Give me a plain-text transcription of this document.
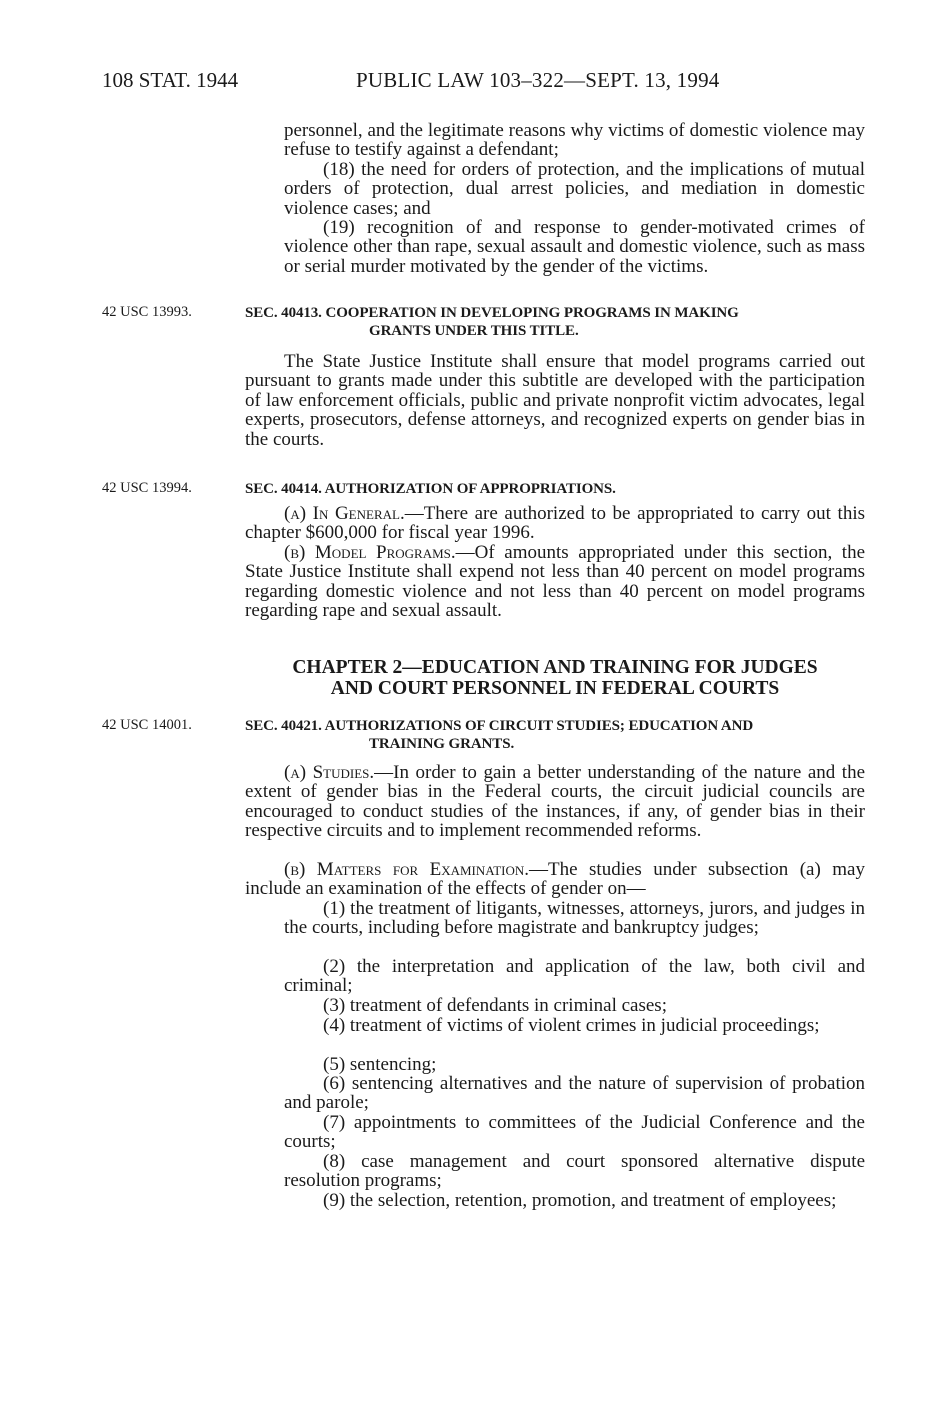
108 STAT. 1944	PUBLIC LAW 103–322—SEPT. 13, 1994

personnel, and the legitimate reasons why victims of domestic violence may refuse to testify against a defendant;

(18) the need for orders of protection, and the implications of mutual orders of protection, dual arrest policies, and mediation in domestic violence cases; and

(19) recognition of and response to gender-motivated crimes of violence other than rape, sexual assault and domestic violence, such as mass or serial murder motivated by the gender of the victims.

42 USC 13993.	SEC. 40413. COOPERATION IN DEVELOPING PROGRAMS IN MAKING
GRANTS UNDER THIS TITLE.

The State Justice Institute shall ensure that model programs carried out pursuant to grants made under this subtitle are developed with the participation of law enforcement officials, public and private nonprofit victim advocates, legal experts, prosecutors, defense attorneys, and recognized experts on gender bias in the courts.

42 USC 13994.	SEC. 40414. AUTHORIZATION OF APPROPRIATIONS.

(a) In General.—There are authorized to be appropriated to carry out this chapter $600,000 for fiscal year 1996.

(b) Model Programs.—Of amounts appropriated under this section, the State Justice Institute shall expend not less than 40 percent on model programs regarding domestic violence and not less than 40 percent on model programs regarding rape and sexual assault.

CHAPTER 2—EDUCATION AND TRAINING FOR JUDGES
AND COURT PERSONNEL IN FEDERAL COURTS
42 USC 14001.	SEC. 40421. AUTHORIZATIONS OF CIRCUIT STUDIES; EDUCATION AND
TRAINING GRANTS.

(a) Studies.—In order to gain a better understanding of the nature and the extent of gender bias in the Federal courts, the circuit judicial councils are encouraged to conduct studies of the instances, if any, of gender bias in their respective circuits and to implement recommended reforms.

(b) Matters for Examination.—The studies under subsection (a) may include an examination of the effects of gender on—

(1) the treatment of litigants, witnesses, attorneys, jurors, and judges in the courts, including before magistrate and bankruptcy judges;

(2) the interpretation and application of the law, both civil and criminal;

(3) treatment of defendants in criminal cases;

(4) treatment of victims of violent crimes in judicial proceedings;

(5) sentencing;

(6) sentencing alternatives and the nature of supervision of probation and parole;

(7) appointments to committees of the Judicial Conference and the courts;

(8) case management and court sponsored alternative dispute resolution programs;

(9) the selection, retention, promotion, and treatment of employees;
